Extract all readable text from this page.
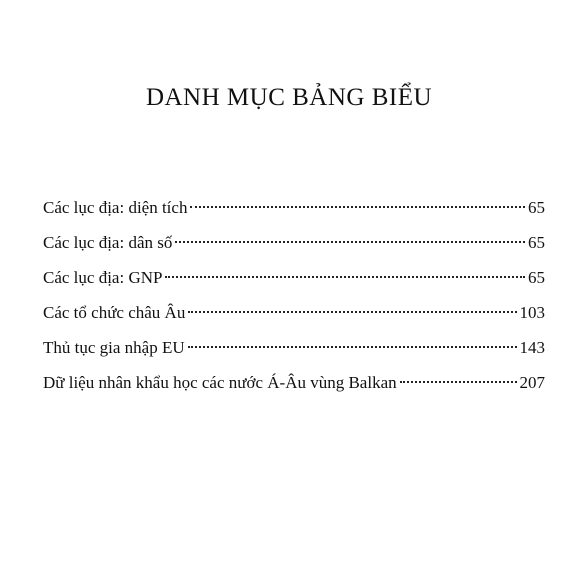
DANH MỤC BẢNG BIỂU
Các lục địa: diện tích	65
Các lục địa: dân số	65
Các lục địa: GNP	65
Các tổ chức châu Âu	103
Thủ tục gia nhập EU	143
Dữ liệu nhân khẩu học các nước Á-Âu vùng Balkan	207
